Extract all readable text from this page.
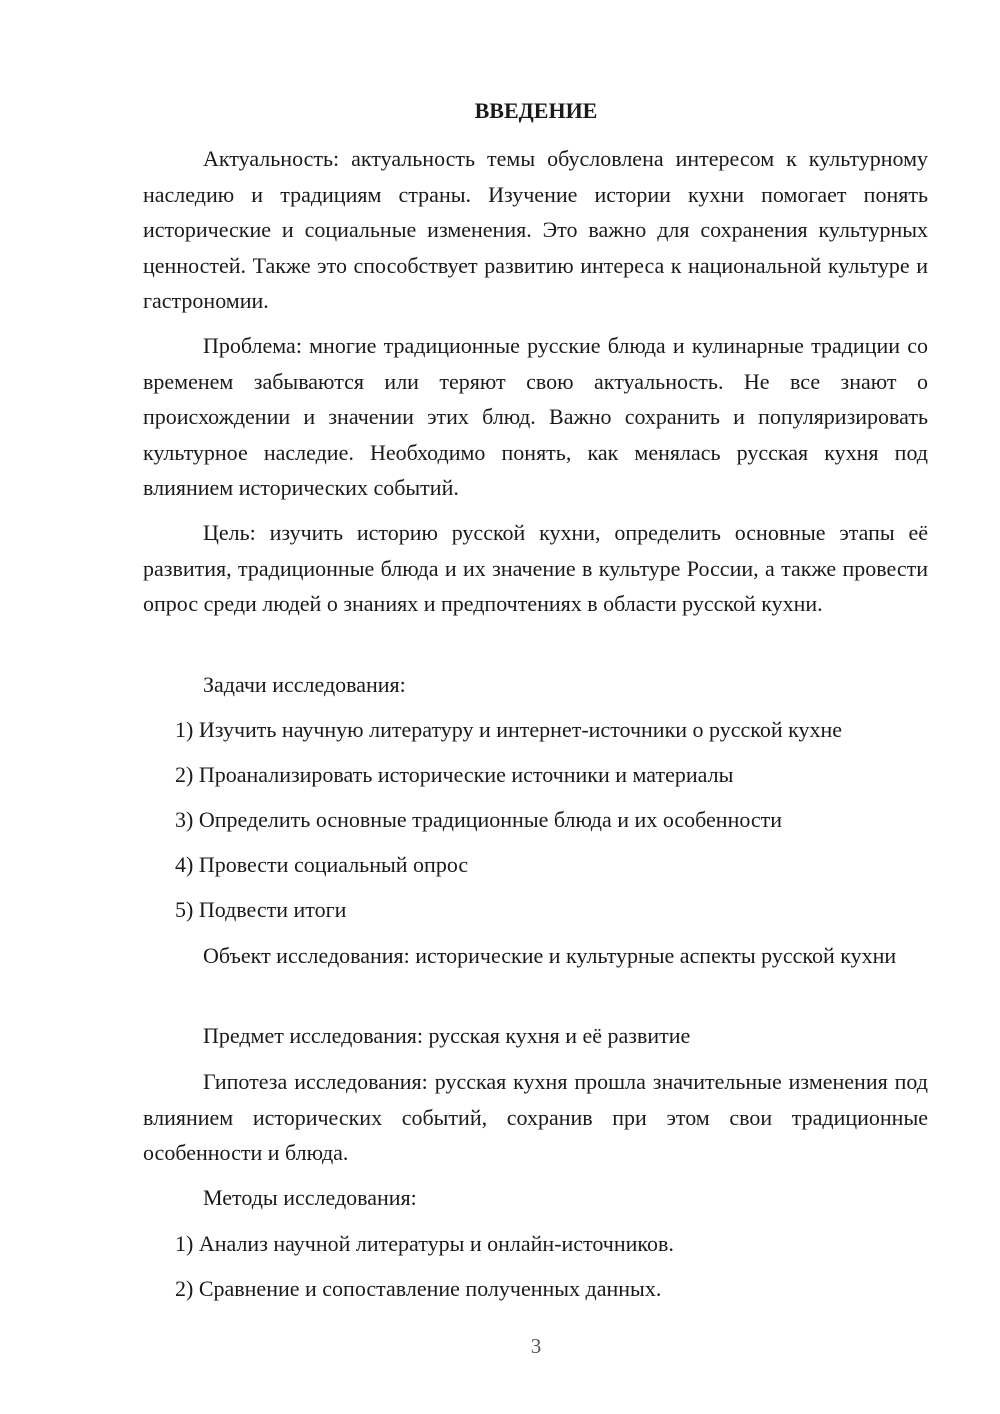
ВВЕДЕНИЕ
Актуальность: актуальность темы обусловлена интересом к культурному наследию и традициям страны. Изучение истории кухни помогает понять исторические и социальные изменения. Это важно для сохранения культурных ценностей. Также это способствует развитию интереса к национальной культуре и гастрономии.
Проблема: многие традиционные русские блюда и кулинарные традиции со временем забываются или теряют свою актуальность. Не все знают о происхождении и значении этих блюд. Важно сохранить и популяризировать культурное наследие. Необходимо понять, как менялась русская кухня под влиянием исторических событий.
Цель: изучить историю русской кухни, определить основные этапы её развития, традиционные блюда и их значение в культуре России, а также провести опрос среди людей о знаниях и предпочтениях в области русской кухни.
Задачи исследования:
1) Изучить научную литературу и интернет-источники о русской кухне
2) Проанализировать исторические источники и материалы
3) Определить основные традиционные блюда и их особенности
4) Провести социальный опрос
5) Подвести итоги
Объект исследования: исторические и культурные аспекты русской кухни
Предмет исследования: русская кухня и её развитие
Гипотеза исследования: русская кухня прошла значительные изменения под влиянием исторических событий, сохранив при этом свои традиционные особенности и блюда.
Методы исследования:
1) Анализ научной литературы и онлайн-источников.
2) Сравнение и сопоставление полученных данных.
3
